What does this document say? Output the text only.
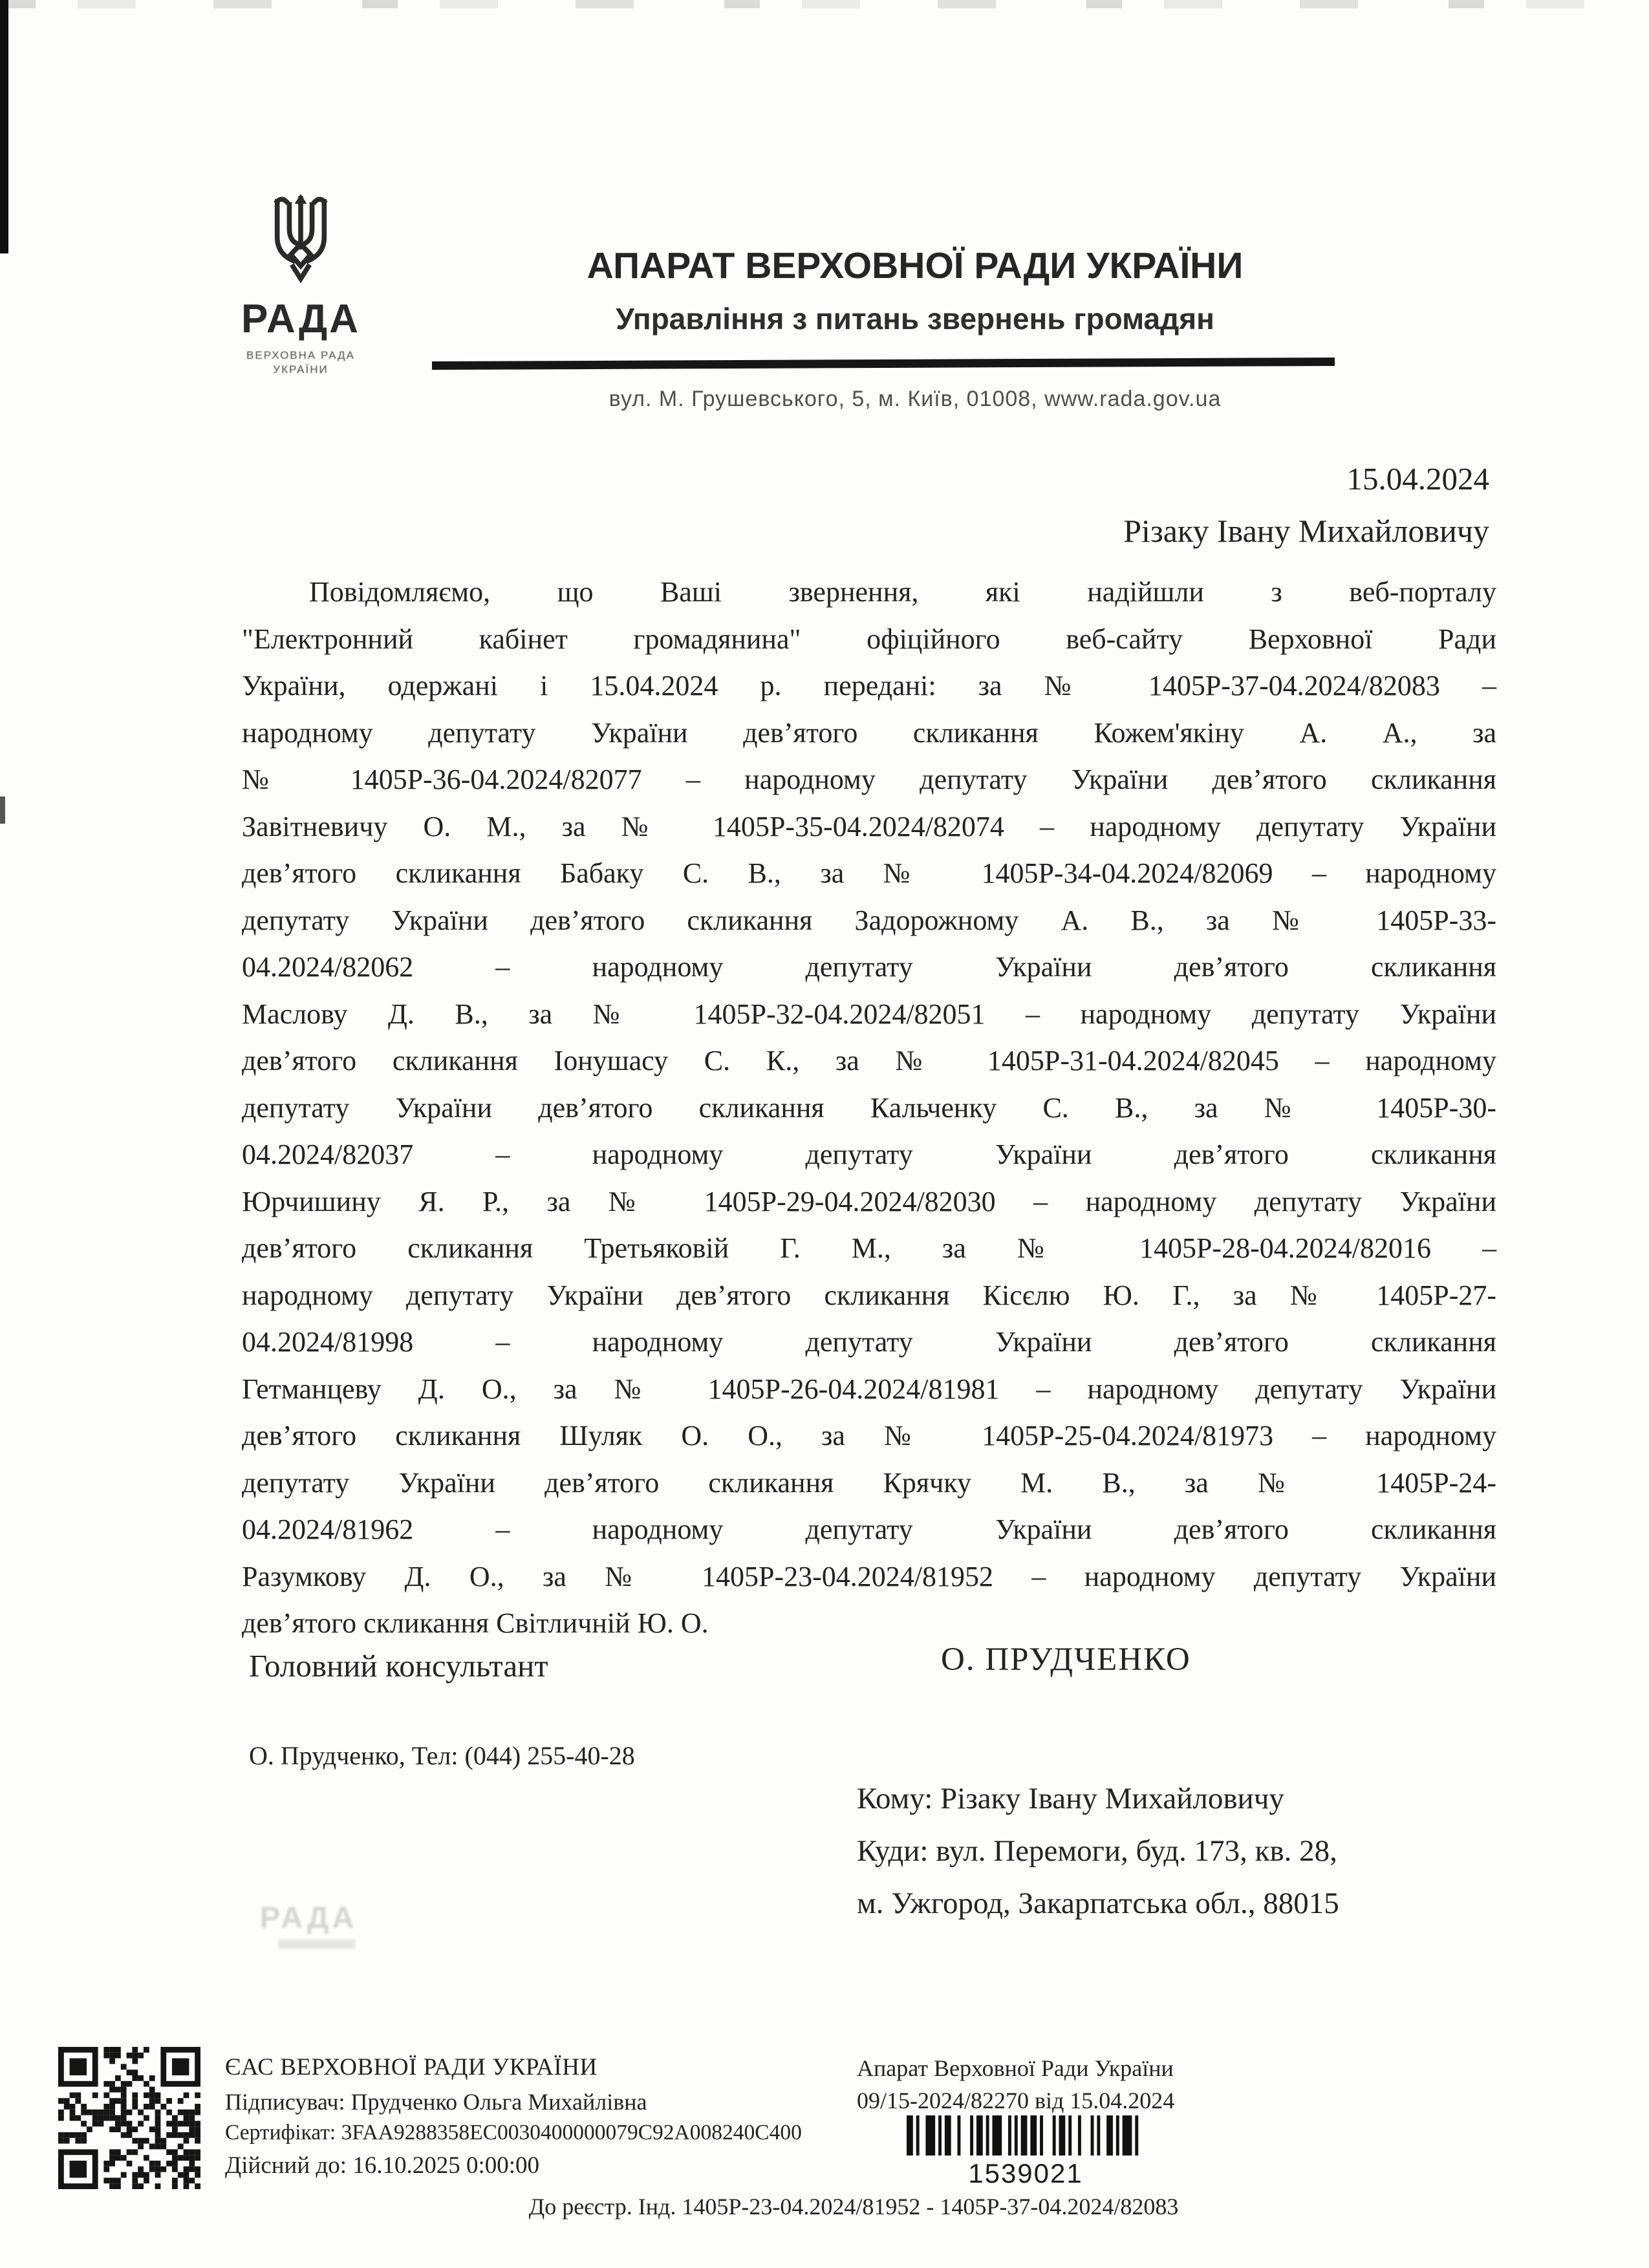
РАДА
РАДА
ВЕРХОВНА РАДА
УКРАЇНИ
АПАРАТ ВЕРХОВНОЇ РАДИ УКРАЇНИ
Управління з питань звернень громадян
вул. М. Грушевського, 5, м. Київ, 01008, www.rada.gov.ua
15.04.2024
Різаку Івану Михайловичу
Повідомляємо, що Ваші звернення, які надійшли з веб-порталу
"Електронний кабінет громадянина" офіційного веб-сайту Верховної Ради
України, одержані і 15.04.2024 р. передані: за № 1405Р-37-04.2024/82083 –
народному депутату України дев’ятого скликання Кожем'якіну А. А., за
№ 1405Р-36-04.2024/82077 – народному депутату України дев’ятого скликання
Завітневичу О. М., за № 1405Р-35-04.2024/82074 – народному депутату України
дев’ятого скликання Бабаку С. В., за № 1405Р-34-04.2024/82069 – народному
депутату України дев’ятого скликання Задорожному А. В., за № 1405Р-33-
04.2024/82062 – народному депутату України дев’ятого скликання
Маслову Д. В., за № 1405Р-32-04.2024/82051 – народному депутату України
дев’ятого скликання Іонушасу С. К., за № 1405Р-31-04.2024/82045 – народному
депутату України дев’ятого скликання Кальченку С. В., за № 1405Р-30-
04.2024/82037 – народному депутату України дев’ятого скликання
Юрчишину Я. Р., за № 1405Р-29-04.2024/82030 – народному депутату України
дев’ятого скликання Третьяковій Г. М., за № 1405Р-28-04.2024/82016 –
народному депутату України дев’ятого скликання Кісєлю Ю. Г., за № 1405Р-27-
04.2024/81998 – народному депутату України дев’ятого скликання
Гетманцеву Д. О., за № 1405Р-26-04.2024/81981 – народному депутату України
дев’ятого скликання Шуляк О. О., за № 1405Р-25-04.2024/81973 – народному
депутату України дев’ятого скликання Крячку М. В., за № 1405Р-24-
04.2024/81962 – народному депутату України дев’ятого скликання
Разумкову Д. О., за № 1405Р-23-04.2024/81952 – народному депутату України
дев’ятого скликання Світличній Ю. О.
Головний консультант	О. ПРУДЧЕНКО
О. Прудченко, Тел: (044) 255-40-28
Кому: Різаку Івану Михайловичу
Куди: вул. Перемоги, буд. 173, кв. 28,
м. Ужгород, Закарпатська обл., 88015
ЄАС ВЕРХОВНОЇ РАДИ УКРАЇНИ
Підписувач: Прудченко Ольга Михайлівна
Сертифікат: 3FAA9288358EC0030400000079C92A008240C400
Дійсний до: 16.10.2025 0:00:00
Апарат Верховної Ради України
09/15-2024/82270 від 15.04.2024
1539021
До реєстр. Інд. 1405Р-23-04.2024/81952 - 1405Р-37-04.2024/82083
